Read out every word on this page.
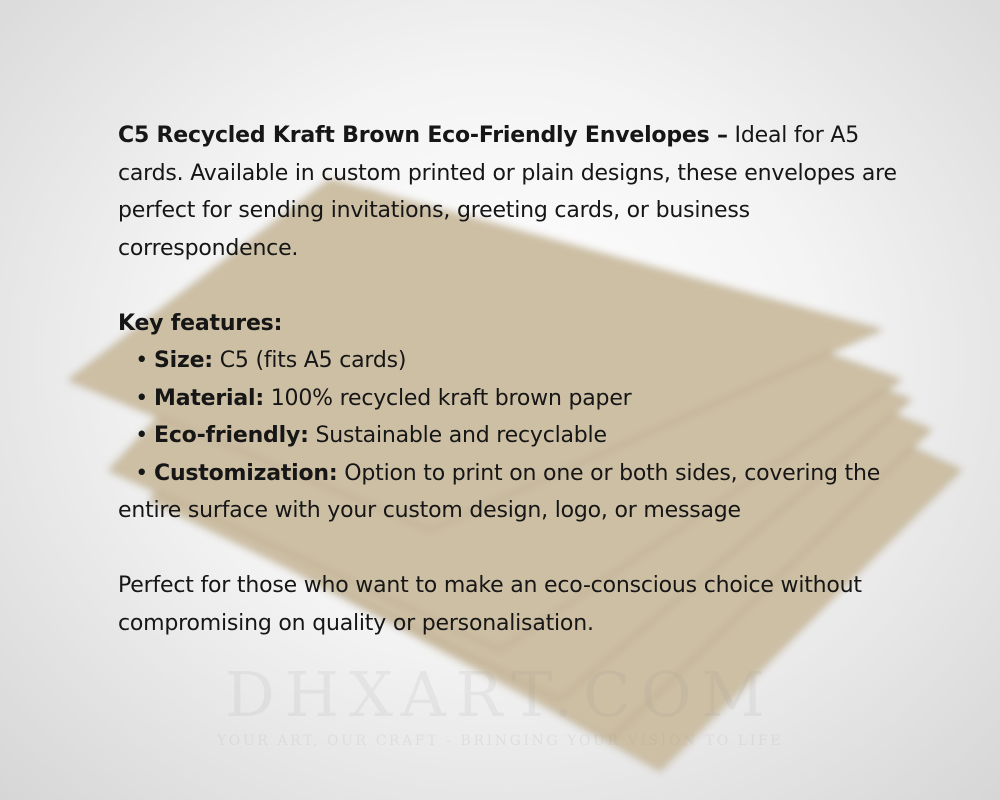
C5 Recycled Kraft Brown Eco-Friendly Envelopes – Ideal for A5 cards. Available in custom printed or plain designs, these envelopes are perfect for sending invitations, greeting cards, or business correspondence.

Key features:

• Size: C5 (fits A5 cards)
• Material: 100% recycled kraft brown paper
• Eco-friendly: Sustainable and recyclable
• Customization: Option to print on one or both sides, covering the entire surface with your custom design, logo, or message

Perfect for those who want to make an eco-conscious choice without compromising on quality or personalisation.

DHXART.COM
YOUR ART, OUR CRAFT - BRINGING YOUR VISION TO LIFE
